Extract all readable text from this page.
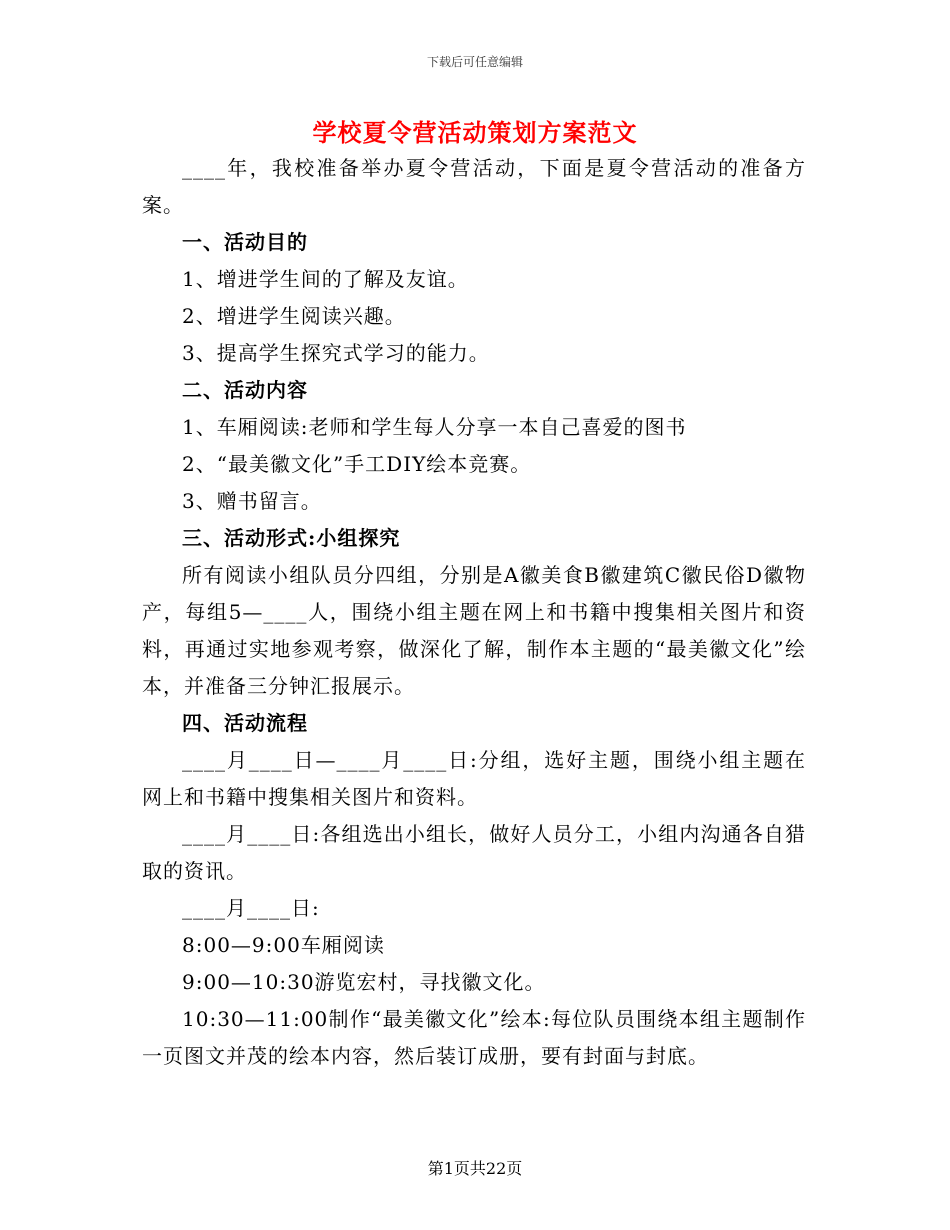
下载后可任意编辑
学校夏令营活动策划方案范文

____年，我校准备举办夏令营活动，下面是夏令营活动的准备方案。

一、活动目的

1、增进学生间的了解及友谊。

2、增进学生阅读兴趣。

3、提高学生探究式学习的能力。

二、活动内容

1、车厢阅读:老师和学生每人分享一本自己喜爱的图书

2、“最美徽文化”手工DIY绘本竞赛。

3、赠书留言。

三、活动形式:小组探究

所有阅读小组队员分四组，分别是A徽美食B徽建筑C徽民俗D徽物产，每组5—____人，围绕小组主题在网上和书籍中搜集相关图片和资料，再通过实地参观考察，做深化了解，制作本主题的“最美徽文化”绘本，并准备三分钟汇报展示。

四、活动流程

____月____日—____月____日:分组，选好主题，围绕小组主题在网上和书籍中搜集相关图片和资料。

____月____日:各组选出小组长，做好人员分工，小组内沟通各自猎取的资讯。

____月____日:

8:00—9:00车厢阅读

9:00—10:30游览宏村，寻找徽文化。

10:30—11:00制作“最美徽文化”绘本:每位队员围绕本组主题制作一页图文并茂的绘本内容，然后装订成册，要有封面与封底。

第1页共22页
